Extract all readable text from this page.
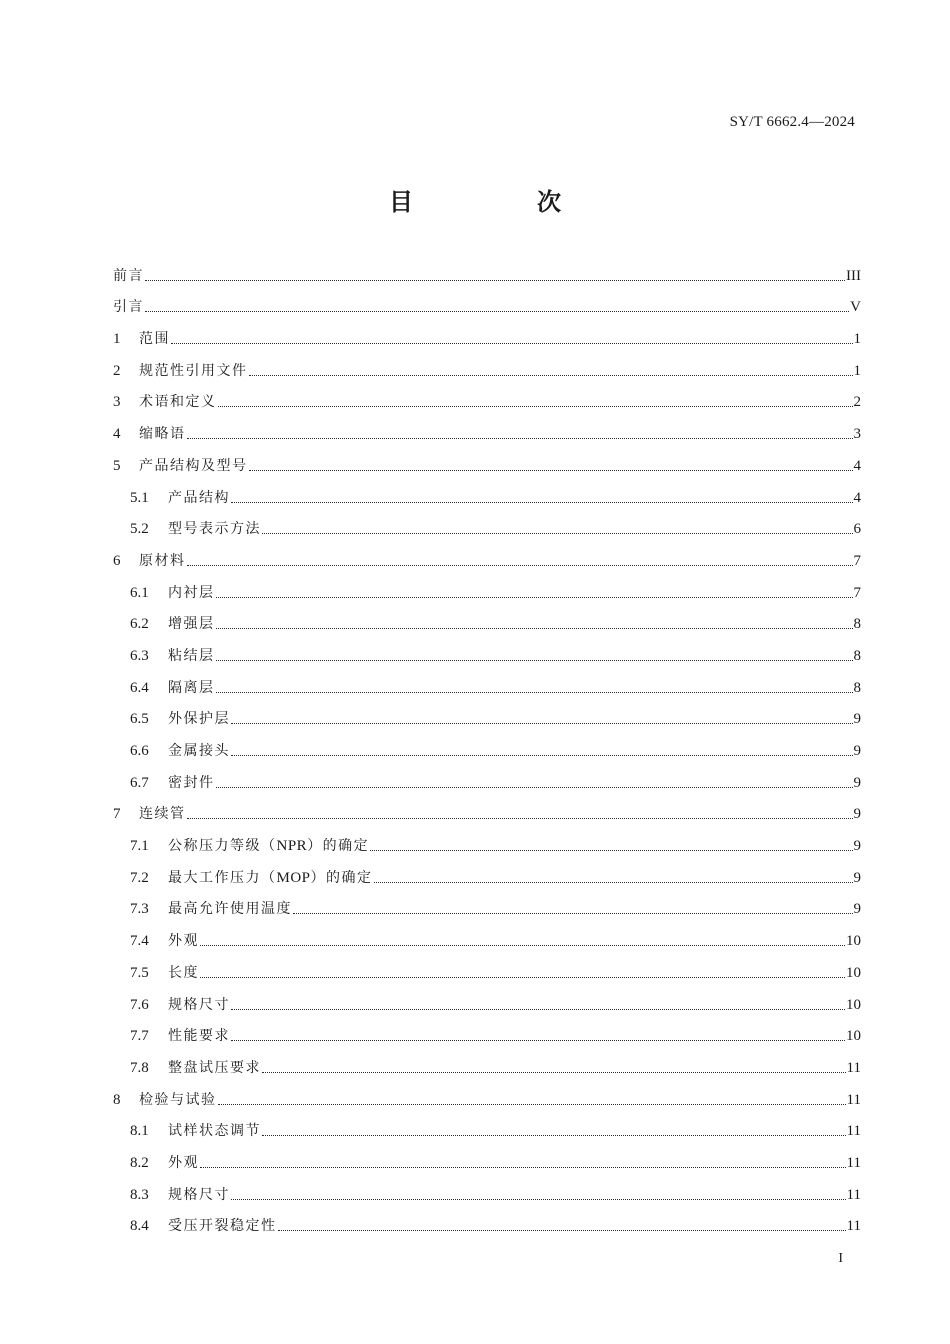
SY/T 6662.4—2024
目　次
前言	III
引言	V
1	范围	1
2	规范性引用文件	1
3	术语和定义	2
4	缩略语	3
5	产品结构及型号	4
5.1	产品结构	4
5.2	型号表示方法	6
6	原材料	7
6.1	内衬层	7
6.2	增强层	8
6.3	粘结层	8
6.4	隔离层	8
6.5	外保护层	9
6.6	金属接头	9
6.7	密封件	9
7	连续管	9
7.1	公称压力等级（NPR）的确定	9
7.2	最大工作压力（MOP）的确定	9
7.3	最高允许使用温度	9
7.4	外观	10
7.5	长度	10
7.6	规格尺寸	10
7.7	性能要求	10
7.8	整盘试压要求	11
8	检验与试验	11
8.1	试样状态调节	11
8.2	外观	11
8.3	规格尺寸	11
8.4	受压开裂稳定性	11
I
